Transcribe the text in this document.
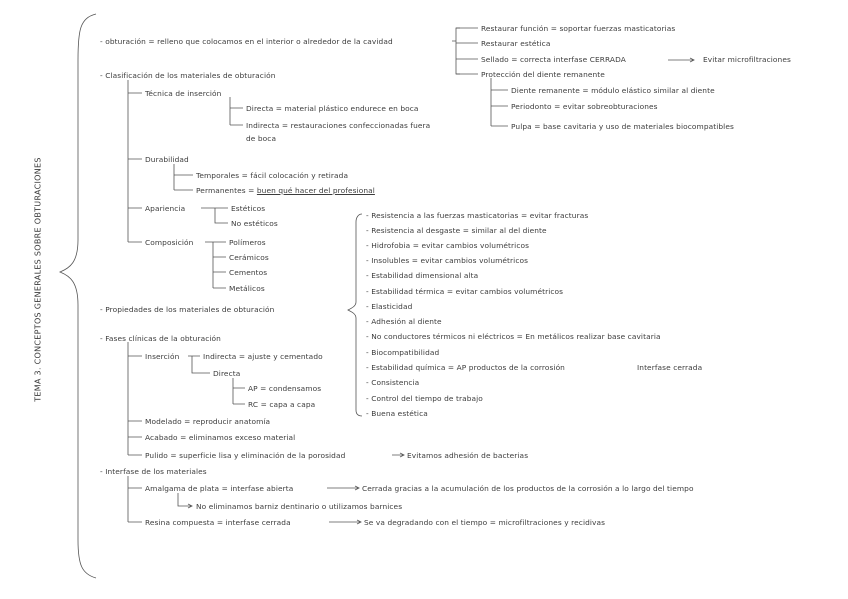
TEMA 3. CONCEPTOS GENERALES SOBRE OBTURACIONES
- obturación = relleno que colocamos en el interior o alrededor de la cavidad
Restaurar función = soportar fuerzas masticatorias
Restaurar estética
Sellado = correcta interfase CERRADA
Protección del diente remanente
Evitar microfiltraciones
Diente remanente = módulo elástico similar al diente
Periodonto = evitar sobreobturaciones
Pulpa = base cavitaria y uso de materiales biocompatibles
- Clasificación de los materiales de obturación
Técnica de inserción
Directa = material plástico endurece en boca
Indirecta = restauraciones confeccionadas fuera
de boca
Durabilidad
Temporales = fácil colocación y retirada
Permanentes = buen qué hacer del profesional
Apariencia	Estéticos
No estéticos
Composición	Polímeros
Cerámicos
Cementos
Metálicos
- Propiedades de los materiales de obturación
- Resistencia a las fuerzas masticatorias = evitar fracturas
- Resistencia al desgaste = similar al del diente
- Hidrofobia = evitar cambios volumétricos
- Insolubles = evitar cambios volumétricos
- Estabilidad dimensional alta
- Estabilidad térmica = evitar cambios volumétricos
- Elasticidad
- Adhesión al diente
- No conductores térmicos ni eléctricos = En metálicos realizar base cavitaria
- Biocompatibilidad
- Estabilidad química = AP productos de la corrosión	Interfase cerrada
- Consistencia
- Control del tiempo de trabajo
- Buena estética
- Fases clínicas de la obturación
Inserción	Indirecta = ajuste y cementado
Directa
AP = condensamos
RC = capa a capa
Modelado = reproducir anatomía
Acabado = eliminamos exceso material
Pulido = superficie lisa y eliminación de la porosidad	Evitamos adhesión de bacterias
- Interfase de los materiales
Amalgama de plata = interfase abierta	Cerrada gracias a la acumulación de los productos de la corrosión a lo largo del tiempo
No eliminamos barniz dentinario o utilizamos barnices
Resina compuesta = interfase cerrada	Se va degradando con el tiempo = microfiltraciones y recidivas
